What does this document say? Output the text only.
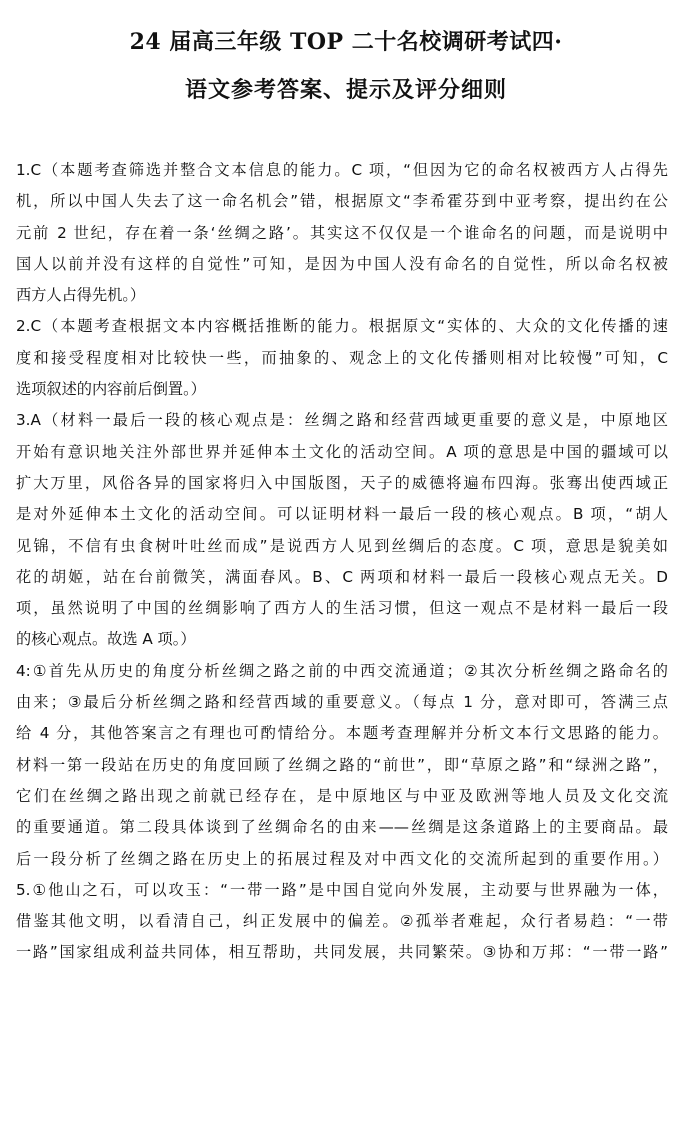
24 届高三年级 TOP 二十名校调研考试四·
语文参考答案、提示及评分细则
1.C（本题考查筛选并整合文本信息的能力。C 项，“但因为它的命名权被西方人占得先
机，所以中国人失去了这一命名机会”错，根据原文“李希霍芬到中亚考察，提出约在公
元前 2 世纪，存在着一条‘丝绸之路’。其实这不仅仅是一个谁命名的问题，而是说明中
国人以前并没有这样的自觉性”可知，是因为中国人没有命名的自觉性，所以命名权被
西方人占得先机。）
2.C（本题考查根据文本内容概括推断的能力。根据原文“实体的、大众的文化传播的速
度和接受程度相对比较快一些，而抽象的、观念上的文化传播则相对比较慢”可知，C
选项叙述的内容前后倒置。）
3.A（材料一最后一段的核心观点是：丝绸之路和经营西域更重要的意义是，中原地区
开始有意识地关注外部世界并延伸本土文化的活动空间。A 项的意思是中国的疆域可以
扩大万里，风俗各异的国家将归入中国版图，天子的威德将遍布四海。张骞出使西域正
是对外延伸本土文化的活动空间。可以证明材料一最后一段的核心观点。B 项，“胡人
见锦，不信有虫食树叶吐丝而成”是说西方人见到丝绸后的态度。C 项，意思是貌美如
花的胡姬，站在台前微笑，满面春风。B、C 两项和材料一最后一段核心观点无关。D
项，虽然说明了中国的丝绸影响了西方人的生活习惯，但这一观点不是材料一最后一段
的核心观点。故选 A 项。）
4:①首先从历史的角度分析丝绸之路之前的中西交流通道；②其次分析丝绸之路命名的
由来；③最后分析丝绸之路和经营西域的重要意义。（每点 1 分，意对即可，答满三点
给 4 分，其他答案言之有理也可酌情给分。本题考查理解并分析文本行文思路的能力。
材料一第一段站在历史的角度回顾了丝绸之路的“前世”，即“草原之路”和“绿洲之路”，
它们在丝绸之路出现之前就已经存在，是中原地区与中亚及欧洲等地人员及文化交流
的重要通道。第二段具体谈到了丝绸命名的由来——丝绸是这条道路上的主要商品。最
后一段分析了丝绸之路在历史上的拓展过程及对中西文化的交流所起到的重要作用。）
5.①他山之石，可以攻玉：“一带一路”是中国自觉向外发展，主动要与世界融为一体，
借鉴其他文明，以看清自己，纠正发展中的偏差。②孤举者难起，众行者易趋：“一带
一路”国家组成利益共同体，相互帮助，共同发展，共同繁荣。③协和万邦：“一带一路”
